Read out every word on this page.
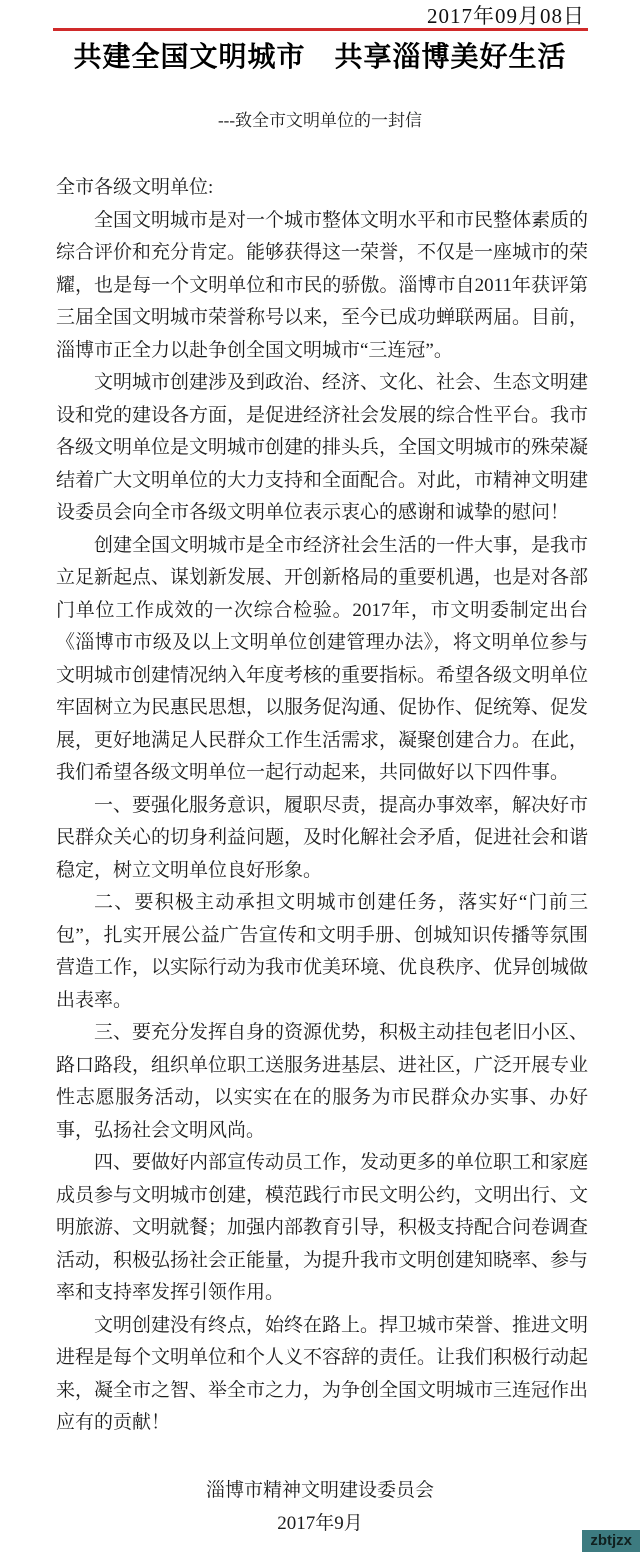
2017年09月08日
共建全国文明城市　共享淄博美好生活
---致全市文明单位的一封信

全市各级文明单位:

全国文明城市是对一个城市整体文明水平和市民整体素质的综合评价和充分肯定。能够获得这一荣誉，不仅是一座城市的荣耀，也是每一个文明单位和市民的骄傲。淄博市自2011年获评第三届全国文明城市荣誉称号以来，至今已成功蝉联两届。目前，淄博市正全力以赴争创全国文明城市“三连冠”。

文明城市创建涉及到政治、经济、文化、社会、生态文明建设和党的建设各方面，是促进经济社会发展的综合性平台。我市各级文明单位是文明城市创建的排头兵，全国文明城市的殊荣凝结着广大文明单位的大力支持和全面配合。对此，市精神文明建设委员会向全市各级文明单位表示衷心的感谢和诚挚的慰问！

创建全国文明城市是全市经济社会生活的一件大事，是我市立足新起点、谋划新发展、开创新格局的重要机遇，也是对各部门单位工作成效的一次综合检验。2017年，市文明委制定出台《淄博市市级及以上文明单位创建管理办法》，将文明单位参与文明城市创建情况纳入年度考核的重要指标。希望各级文明单位牢固树立为民惠民思想，以服务促沟通、促协作、促统筹、促发展，更好地满足人民群众工作生活需求，凝聚创建合力。在此，我们希望各级文明单位一起行动起来，共同做好以下四件事。

一、要强化服务意识，履职尽责，提高办事效率，解决好市民群众关心的切身利益问题，及时化解社会矛盾，促进社会和谐稳定，树立文明单位良好形象。

二、要积极主动承担文明城市创建任务，落实好“门前三包”，扎实开展公益广告宣传和文明手册、创城知识传播等氛围营造工作，以实际行动为我市优美环境、优良秩序、优异创城做出表率。

三、要充分发挥自身的资源优势，积极主动挂包老旧小区、路口路段，组织单位职工送服务进基层、进社区，广泛开展专业性志愿服务活动，以实实在在的服务为市民群众办实事、办好事，弘扬社会文明风尚。

四、要做好内部宣传动员工作，发动更多的单位职工和家庭成员参与文明城市创建，模范践行市民文明公约，文明出行、文明旅游、文明就餐；加强内部教育引导，积极支持配合问卷调查活动，积极弘扬社会正能量，为提升我市文明创建知晓率、参与率和支持率发挥引领作用。

文明创建没有终点，始终在路上。捍卫城市荣誉、推进文明进程是每个文明单位和个人义不容辞的责任。让我们积极行动起来，凝全市之智、举全市之力，为争创全国文明城市三连冠作出应有的贡献！

淄博市精神文明建设委员会
2017年9月
zbtjzx
